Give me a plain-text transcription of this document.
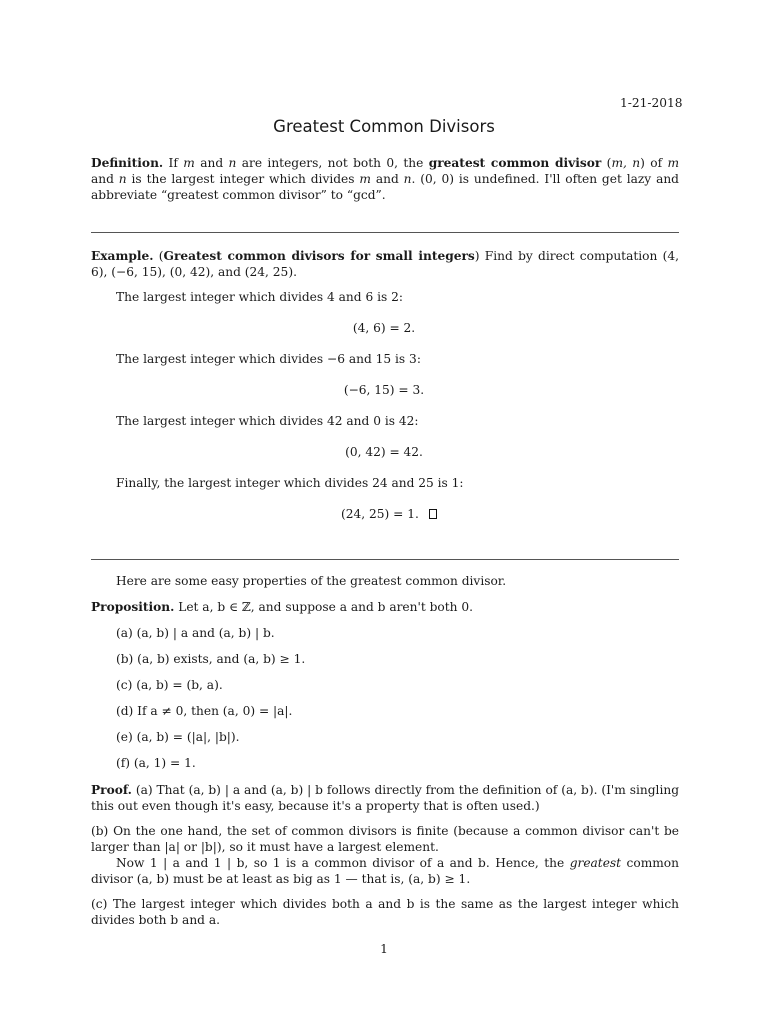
1-21-2018
Greatest Common Divisors
Definition. If m and n are integers, not both 0, the greatest common divisor (m, n) of m and n is the largest integer which divides m and n. (0, 0) is undefined. I'll often get lazy and abbreviate “greatest common divisor” to “gcd”.
Example. (Greatest common divisors for small integers) Find by direct computation (4, 6), (−6, 15), (0, 42), and (24, 25).
The largest integer which divides 4 and 6 is 2:
(4, 6) = 2.
The largest integer which divides −6 and 15 is 3:
(−6, 15) = 3.
The largest integer which divides 42 and 0 is 42:
(0, 42) = 42.
Finally, the largest integer which divides 24 and 25 is 1:
(24, 25) = 1.
Here are some easy properties of the greatest common divisor.
Proposition. Let a, b ∈ ℤ, and suppose a and b aren't both 0.
(a) (a, b) | a and (a, b) | b.
(b) (a, b) exists, and (a, b) ≥ 1.
(c) (a, b) = (b, a).
(d) If a ≠ 0, then (a, 0) = |a|.
(e) (a, b) = (|a|, |b|).
(f) (a, 1) = 1.
Proof. (a) That (a, b) | a and (a, b) | b follows directly from the definition of (a, b). (I'm singling this out even though it's easy, because it's a property that is often used.)
(b) On the one hand, the set of common divisors is finite (because a common divisor can't be larger than |a| or |b|), so it must have a largest element.
Now 1 | a and 1 | b, so 1 is a common divisor of a and b. Hence, the greatest common divisor (a, b) must be at least as big as 1 — that is, (a, b) ≥ 1.
(c) The largest integer which divides both a and b is the same as the largest integer which divides both b and a.
1
